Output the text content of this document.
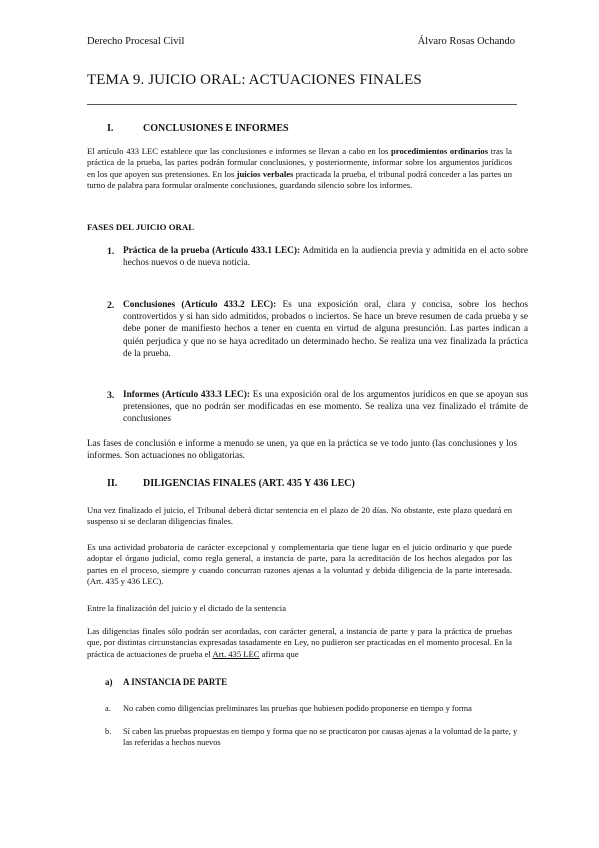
Derecho Procesal Civil	Álvaro Rosas Ochando
TEMA 9. JUICIO ORAL: ACTUACIONES FINALES
I.	CONCLUSIONES E INFORMES
El artículo 433 LEC establece que las conclusiones e informes se llevan a cabo en los procedimientos ordinarios tras la práctica de la prueba, las partes podrán formular conclusiones, y posteriormente, informar sobre los argumentos jurídicos en los que apoyen sus pretensiones. En los juicios verbales practicada la prueba, el tribunal podrá conceder a las partes un turno de palabra para formular oralmente conclusiones, guardando silencio sobre los informes.
FASES DEL JUICIO ORAL
1. Práctica de la prueba (Artículo 433.1 LEC): Admitida en la audiencia previa y admitida en el acto sobre hechos nuevos o de nueva noticia.
2. Conclusiones (Artículo 433.2 LEC): Es una exposición oral, clara y concisa, sobre los hechos controvertidos y si han sido admitidos, probados o inciertos. Se hace un breve resumen de cada prueba y se debe poner de manifiesto hechos a tener en cuenta en virtud de alguna presunción. Las partes indican a quién perjudica y que no se haya acreditado un determinado hecho. Se realiza una vez finalizada la práctica de la prueba.
3. Informes (Artículo 433.3 LEC): Es una exposición oral de los argumentos jurídicos en que se apoyan sus pretensiones, que no podrán ser modificadas en ese momento. Se realiza una vez finalizado el trámite de conclusiones
Las fases de conclusión e informe a menudo se unen, ya que en la práctica se ve todo junto (las conclusiones y los informes. Son actuaciones no obligatorias.
II.	DILIGENCIAS FINALES (ART. 435 Y 436 LEC)
Una vez finalizado el juicio, el Tribunal deberá dictar sentencia en el plazo de 20 días. No obstante, este plazo quedará en suspenso si se declaran diligencias finales.
Es una actividad probatoria de carácter excepcional y complementaria que tiene lugar en el juicio ordinario y que puede adoptar el órgano judicial, como regla general, a instancia de parte, para la acreditación de los hechos alegados por las partes en el proceso, siempre y cuando concurran razones ajenas a la voluntad y debida diligencia de la parte interesada. (Art. 435 y 436 LEC).
Entre la finalización del juicio y el dictado de la sentencia
Las diligencias finales sólo podrán ser acordadas, con carácter general, a instancia de parte y para la práctica de pruebas que, por distintas circunstancias expresadas tasadamente en Ley, no pudieron ser practicadas en el momento procesal. En la práctica de actuaciones de prueba el Art. 435 LEC afirma que
a) A INSTANCIA DE PARTE
a. No caben como diligencias preliminares las pruebas que hubiesen podido proponerse en tiempo y forma
b. Sí caben las pruebas propuestas en tiempo y forma que no se practicaron por causas ajenas a la voluntad de la parte, y las referidas a hechos nuevos
